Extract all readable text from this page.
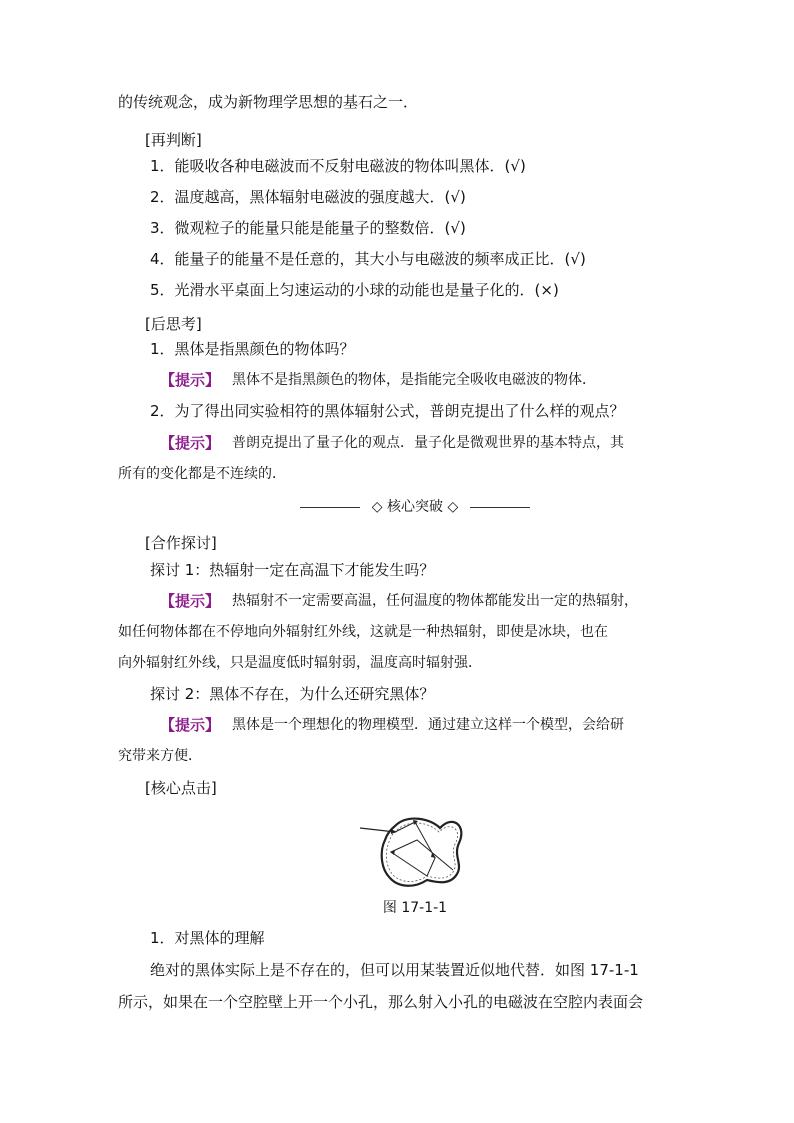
的传统观念，成为新物理学思想的基石之一．
[再判断]
1．能吸收各种电磁波而不反射电磁波的物体叫黑体．(√)
2．温度越高，黑体辐射电磁波的强度越大．(√)
3．微观粒子的能量只能是能量子的整数倍．(√)
4．能量子的能量不是任意的，其大小与电磁波的频率成正比．(√)
5．光滑水平桌面上匀速运动的小球的动能也是量子化的．(×)
[后思考]
1．黑体是指黑颜色的物体吗？
【提示】 黑体不是指黑颜色的物体，是指能完全吸收电磁波的物体．
2．为了得出同实验相符的黑体辐射公式，普朗克提出了什么样的观点？
【提示】 普朗克提出了量子化的观点．量子化是微观世界的基本特点，其
所有的变化都是不连续的．
◇ 核心突破 ◇
[合作探讨]
探讨 1：热辐射一定在高温下才能发生吗？
【提示】 热辐射不一定需要高温，任何温度的物体都能发出一定的热辐射，
如任何物体都在不停地向外辐射红外线，这就是一种热辐射，即使是冰块，也在
向外辐射红外线，只是温度低时辐射弱，温度高时辐射强．
探讨 2：黑体不存在，为什么还研究黑体？
【提示】 黑体是一个理想化的物理模型．通过建立这样一个模型，会给研
究带来方便．
[核心点击]
图 17-1-1
1．对黑体的理解
绝对的黑体实际上是不存在的，但可以用某装置近似地代替．如图 17-1-1
所示，如果在一个空腔壁上开一个小孔，那么射入小孔的电磁波在空腔内表面会
